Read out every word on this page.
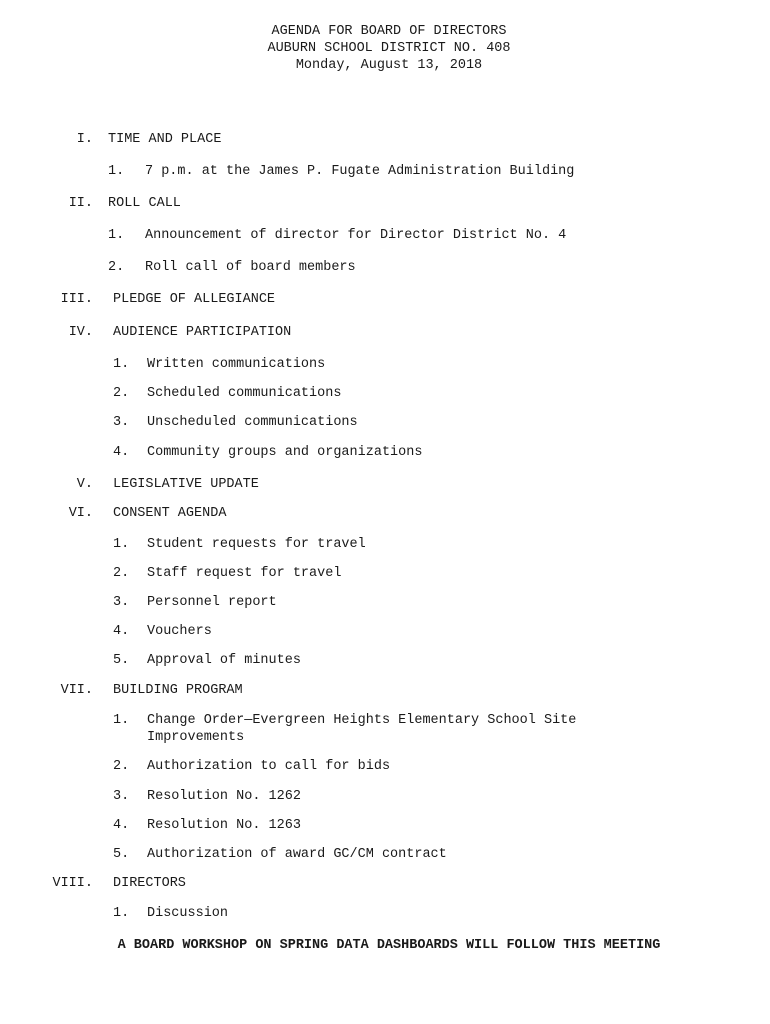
AGENDA FOR BOARD OF DIRECTORS
AUBURN SCHOOL DISTRICT NO. 408
Monday, August 13, 2018
I. TIME AND PLACE
1. 7 p.m. at the James P. Fugate Administration Building
II. ROLL CALL
1. Announcement of director for Director District No. 4
2. Roll call of board members
III. PLEDGE OF ALLEGIANCE
IV. AUDIENCE PARTICIPATION
1. Written communications
2. Scheduled communications
3. Unscheduled communications
4. Community groups and organizations
V. LEGISLATIVE UPDATE
VI. CONSENT AGENDA
1. Student requests for travel
2. Staff request for travel
3. Personnel report
4. Vouchers
5. Approval of minutes
VII. BUILDING PROGRAM
1. Change Order—Evergreen Heights Elementary School Site Improvements
2. Authorization to call for bids
3. Resolution No. 1262
4. Resolution No. 1263
5. Authorization of award GC/CM contract
VIII. DIRECTORS
1. Discussion
A BOARD WORKSHOP ON SPRING DATA DASHBOARDS WILL FOLLOW THIS MEETING
